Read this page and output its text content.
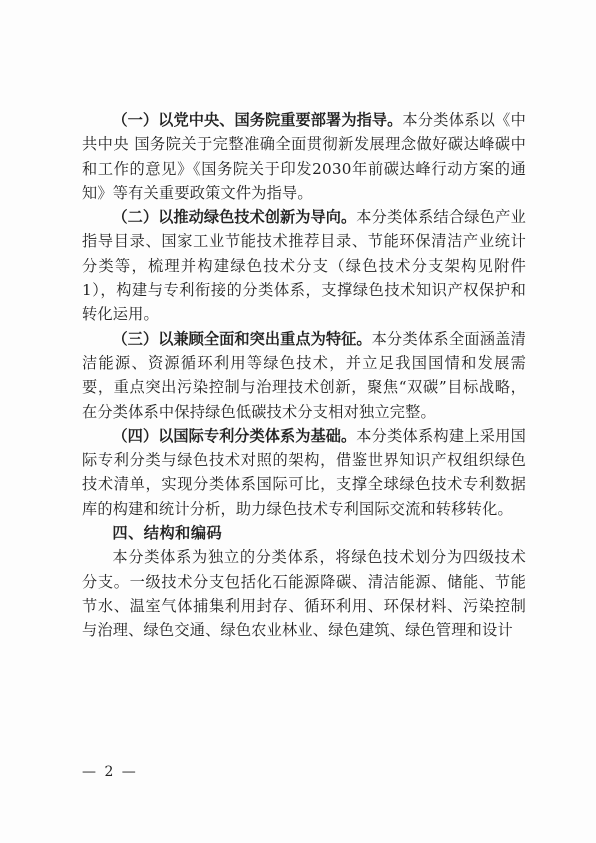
（一）以党中央、国务院重要部署为指导。本分类体系以《中共中央 国务院关于完整准确全面贯彻新发展理念做好碳达峰碳中和工作的意见》《国务院关于印发2030年前碳达峰行动方案的通知》等有关重要政策文件为指导。

（二）以推动绿色技术创新为导向。本分类体系结合绿色产业指导目录、国家工业节能技术推荐目录、节能环保清洁产业统计分类等，梳理并构建绿色技术分支（绿色技术分支架构见附件1），构建与专利衔接的分类体系，支撑绿色技术知识产权保护和转化运用。

（三）以兼顾全面和突出重点为特征。本分类体系全面涵盖清洁能源、资源循环利用等绿色技术，并立足我国国情和发展需要，重点突出污染控制与治理技术创新，聚焦“双碳”目标战略，在分类体系中保持绿色低碳技术分支相对独立完整。

（四）以国际专利分类体系为基础。本分类体系构建上采用国际专利分类与绿色技术对照的架构，借鉴世界知识产权组织绿色技术清单，实现分类体系国际可比，支撑全球绿色技术专利数据库的构建和统计分析，助力绿色技术专利国际交流和转移转化。

四、结构和编码

本分类体系为独立的分类体系，将绿色技术划分为四级技术分支。一级技术分支包括化石能源降碳、清洁能源、储能、节能节水、温室气体捕集利用封存、循环利用、环保材料、污染控制与治理、绿色交通、绿色农业林业、绿色建筑、绿色管理和设计

— 2 —
